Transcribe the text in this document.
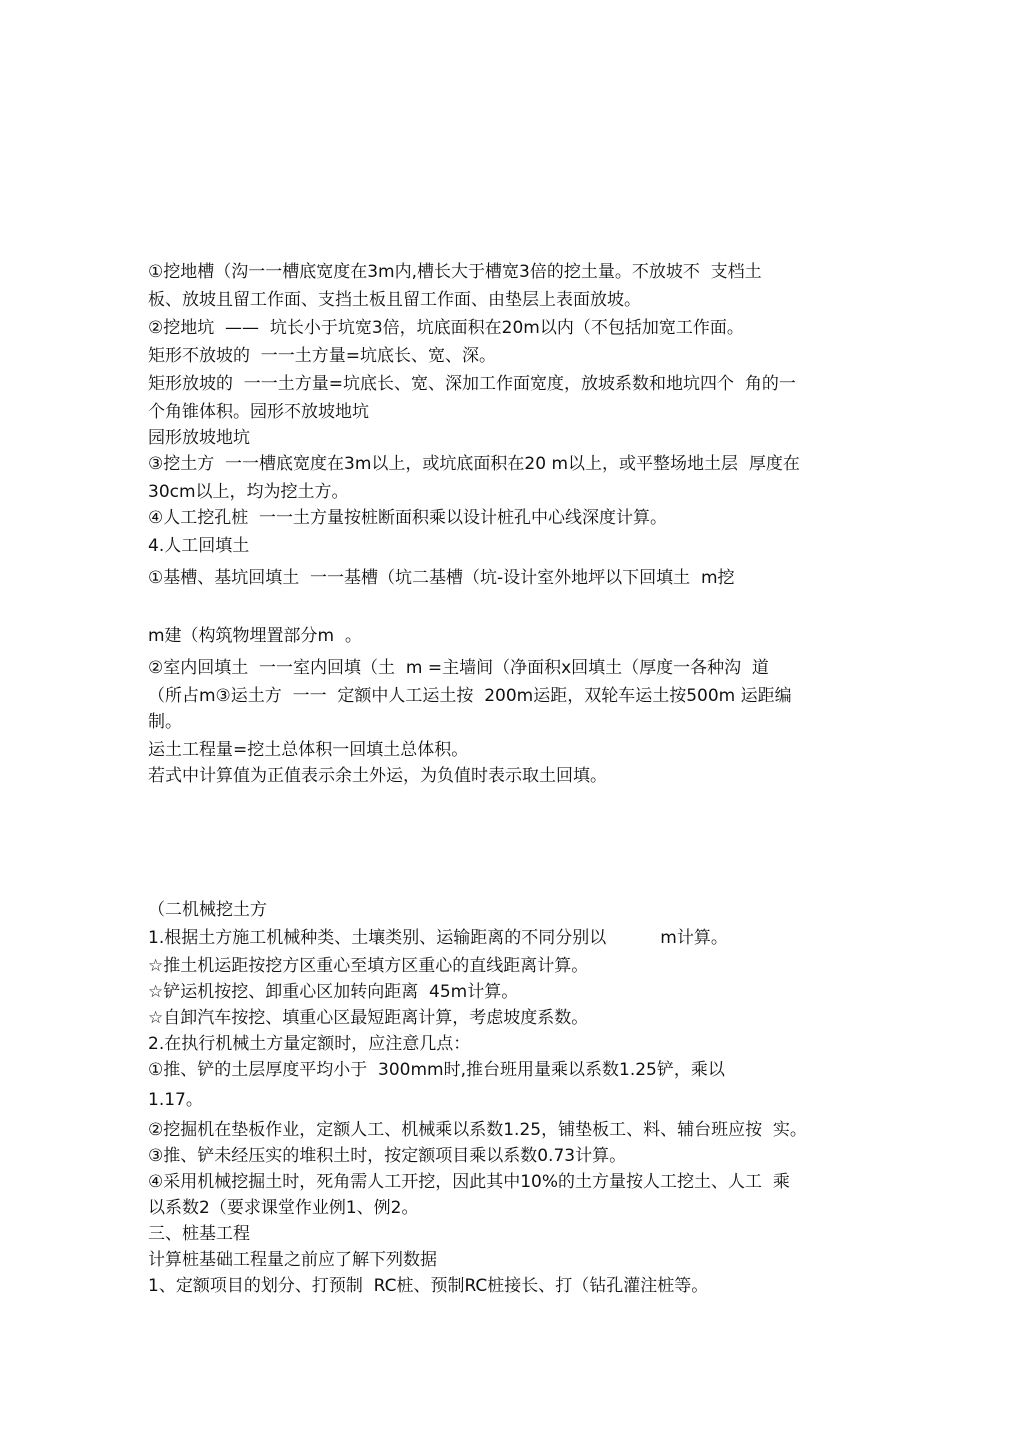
①挖地槽（沟一一槽底宽度在3m内,槽长大于槽宽3倍的挖土量。不放坡不  支档土

板、放坡且留工作面、支挡土板且留工作面、由垫层上表面放坡。

②挖地坑  ——  坑长小于坑宽3倍，坑底面积在20m以内（不包括加宽工作面。

矩形不放坡的  一一土方量=坑底长、宽、深。

矩形放坡的  一一土方量=坑底长、宽、深加工作面宽度，放坡系数和地坑四个  角的一

个角锥体积。园形不放坡地坑

园形放坡地坑

③挖土方  一一槽底宽度在3m以上，或坑底面积在20 m以上，或平整场地土层  厚度在

30cm以上，均为挖土方。

④人工挖孔桩  一一土方量按桩断面积乘以设计桩孔中心线深度计算。

4.人工回填土

①基槽、基坑回填土  一一基槽（坑二基槽（坑-设计室外地坪以下回填土  m挖

m建（构筑物埋置部分m  。

②室内回填土  一一室内回填（土  m =主墙间（净面积x回填土（厚度一各种沟  道

（所占m③运土方  一一  定额中人工运土按  200m运距，双轮车运土按500m 运距编

制。

运土工程量=挖土总体积一回填土总体积。

若式中计算值为正值表示余土外运，为负值时表示取土回填。

（二机械挖土方

1.根据土方施工机械种类、土壤类别、运输距离的不同分别以          m计算。

☆推土机运距按挖方区重心至填方区重心的直线距离计算。

☆铲运机按挖、卸重心区加转向距离  45m计算。

☆自卸汽车按挖、填重心区最短距离计算，考虑坡度系数。

2.在执行机械土方量定额时，应注意几点：

①推、铲的土层厚度平均小于  300mm时,推台班用量乘以系数1.25铲，乘以

1.17。

②挖掘机在垫板作业，定额人工、机械乘以系数1.25，铺垫板工、料、辅台班应按  实。

③推、铲未经压实的堆积土时，按定额项目乘以系数0.73计算。

④采用机械挖掘土时，死角需人工开挖，因此其中10%的土方量按人工挖土、人工  乘

以系数2（要求课堂作业例1、例2。

三、桩基工程

计算桩基础工程量之前应了解下列数据

1、定额项目的划分、打预制  RC桩、预制RC桩接长、打（钻孔灌注桩等。
